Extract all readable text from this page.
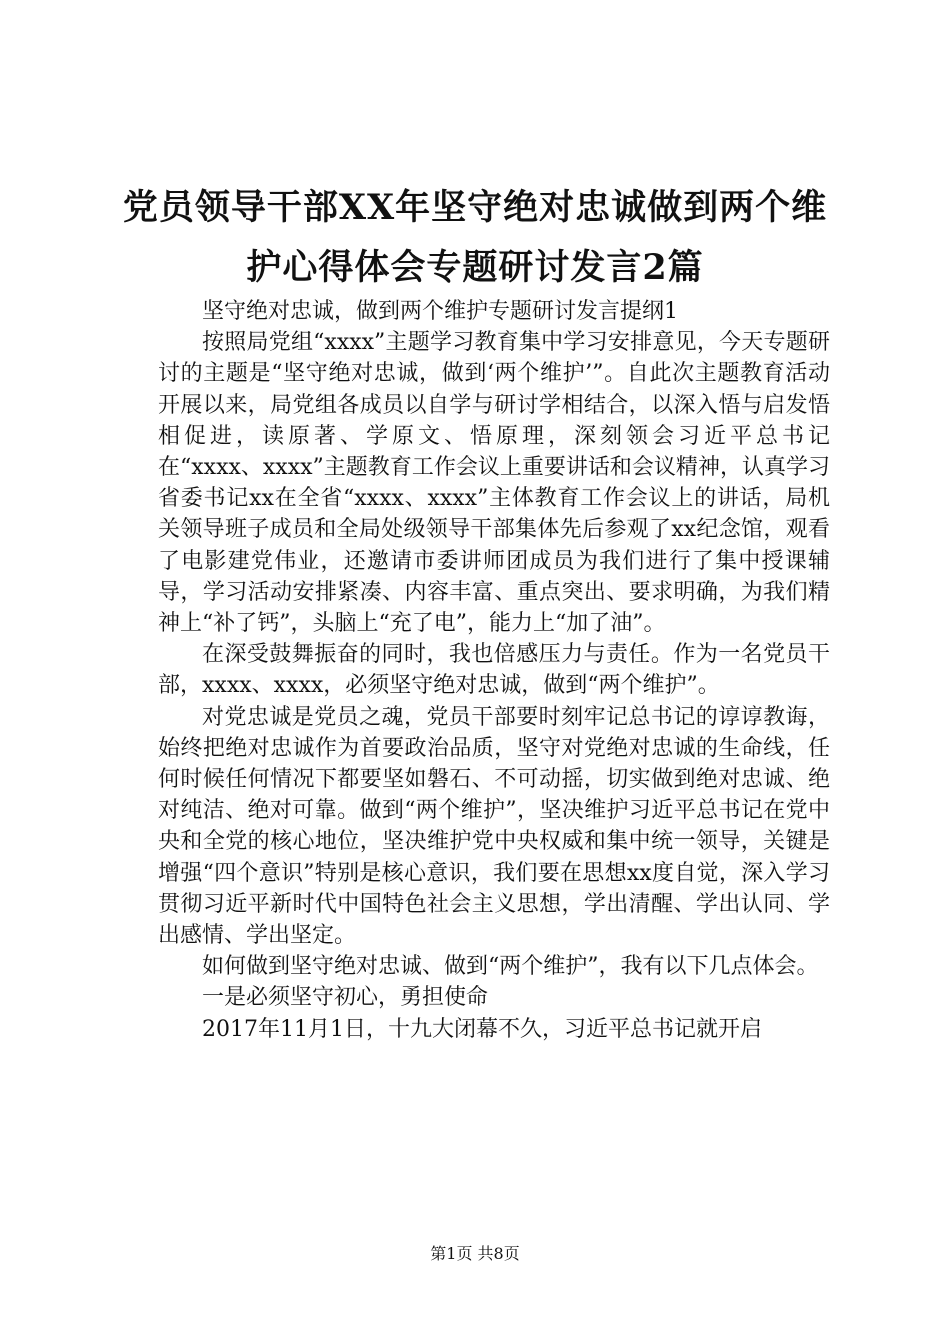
党员领导干部XX年坚守绝对忠诚做到两个维
护心得体会专题研讨发言2篇

坚守绝对忠诚，做到两个维护专题研讨发言提纲1

按照局党组“xxxx”主题学习教育集中学习安排意见，今天专题研讨的主题是“坚守绝对忠诚，做到‘两个维护’”。自此次主题教育活动开展以来，局党组各成员以自学与研讨学相结合，以深入悟与启发悟相促进，读原著、学原文、悟原理，深刻领会习近平总书记在“xxxx、xxxx”主题教育工作会议上重要讲话和会议精神，认真学习省委书记xx在全省“xxxx、xxxx”主体教育工作会议上的讲话，局机关领导班子成员和全局处级领导干部集体先后参观了xx纪念馆，观看了电影建党伟业，还邀请市委讲师团成员为我们进行了集中授课辅导，学习活动安排紧凑、内容丰富、重点突出、要求明确，为我们精神上“补了钙”，头脑上“充了电”，能力上“加了油”。

在深受鼓舞振奋的同时，我也倍感压力与责任。作为一名党员干部，xxxx、xxxx，必须坚守绝对忠诚，做到“两个维护”。

对党忠诚是党员之魂，党员干部要时刻牢记总书记的谆谆教诲，始终把绝对忠诚作为首要政治品质，坚守对党绝对忠诚的生命线，任何时候任何情况下都要坚如磐石、不可动摇，切实做到绝对忠诚、绝对纯洁、绝对可靠。做到“两个维护”，坚决维护习近平总书记在党中央和全党的核心地位，坚决维护党中央权威和集中统一领导，关键是增强“四个意识”特别是核心意识，我们要在思想xx度自觉，深入学习贯彻习近平新时代中国特色社会主义思想，学出清醒、学出认同、学出感情、学出坚定。

如何做到坚守绝对忠诚、做到“两个维护”，我有以下几点体会。

一是必须坚守初心，勇担使命

2017年11月1日，十九大闭幕不久，习近平总书记就开启

第1页 共8页
